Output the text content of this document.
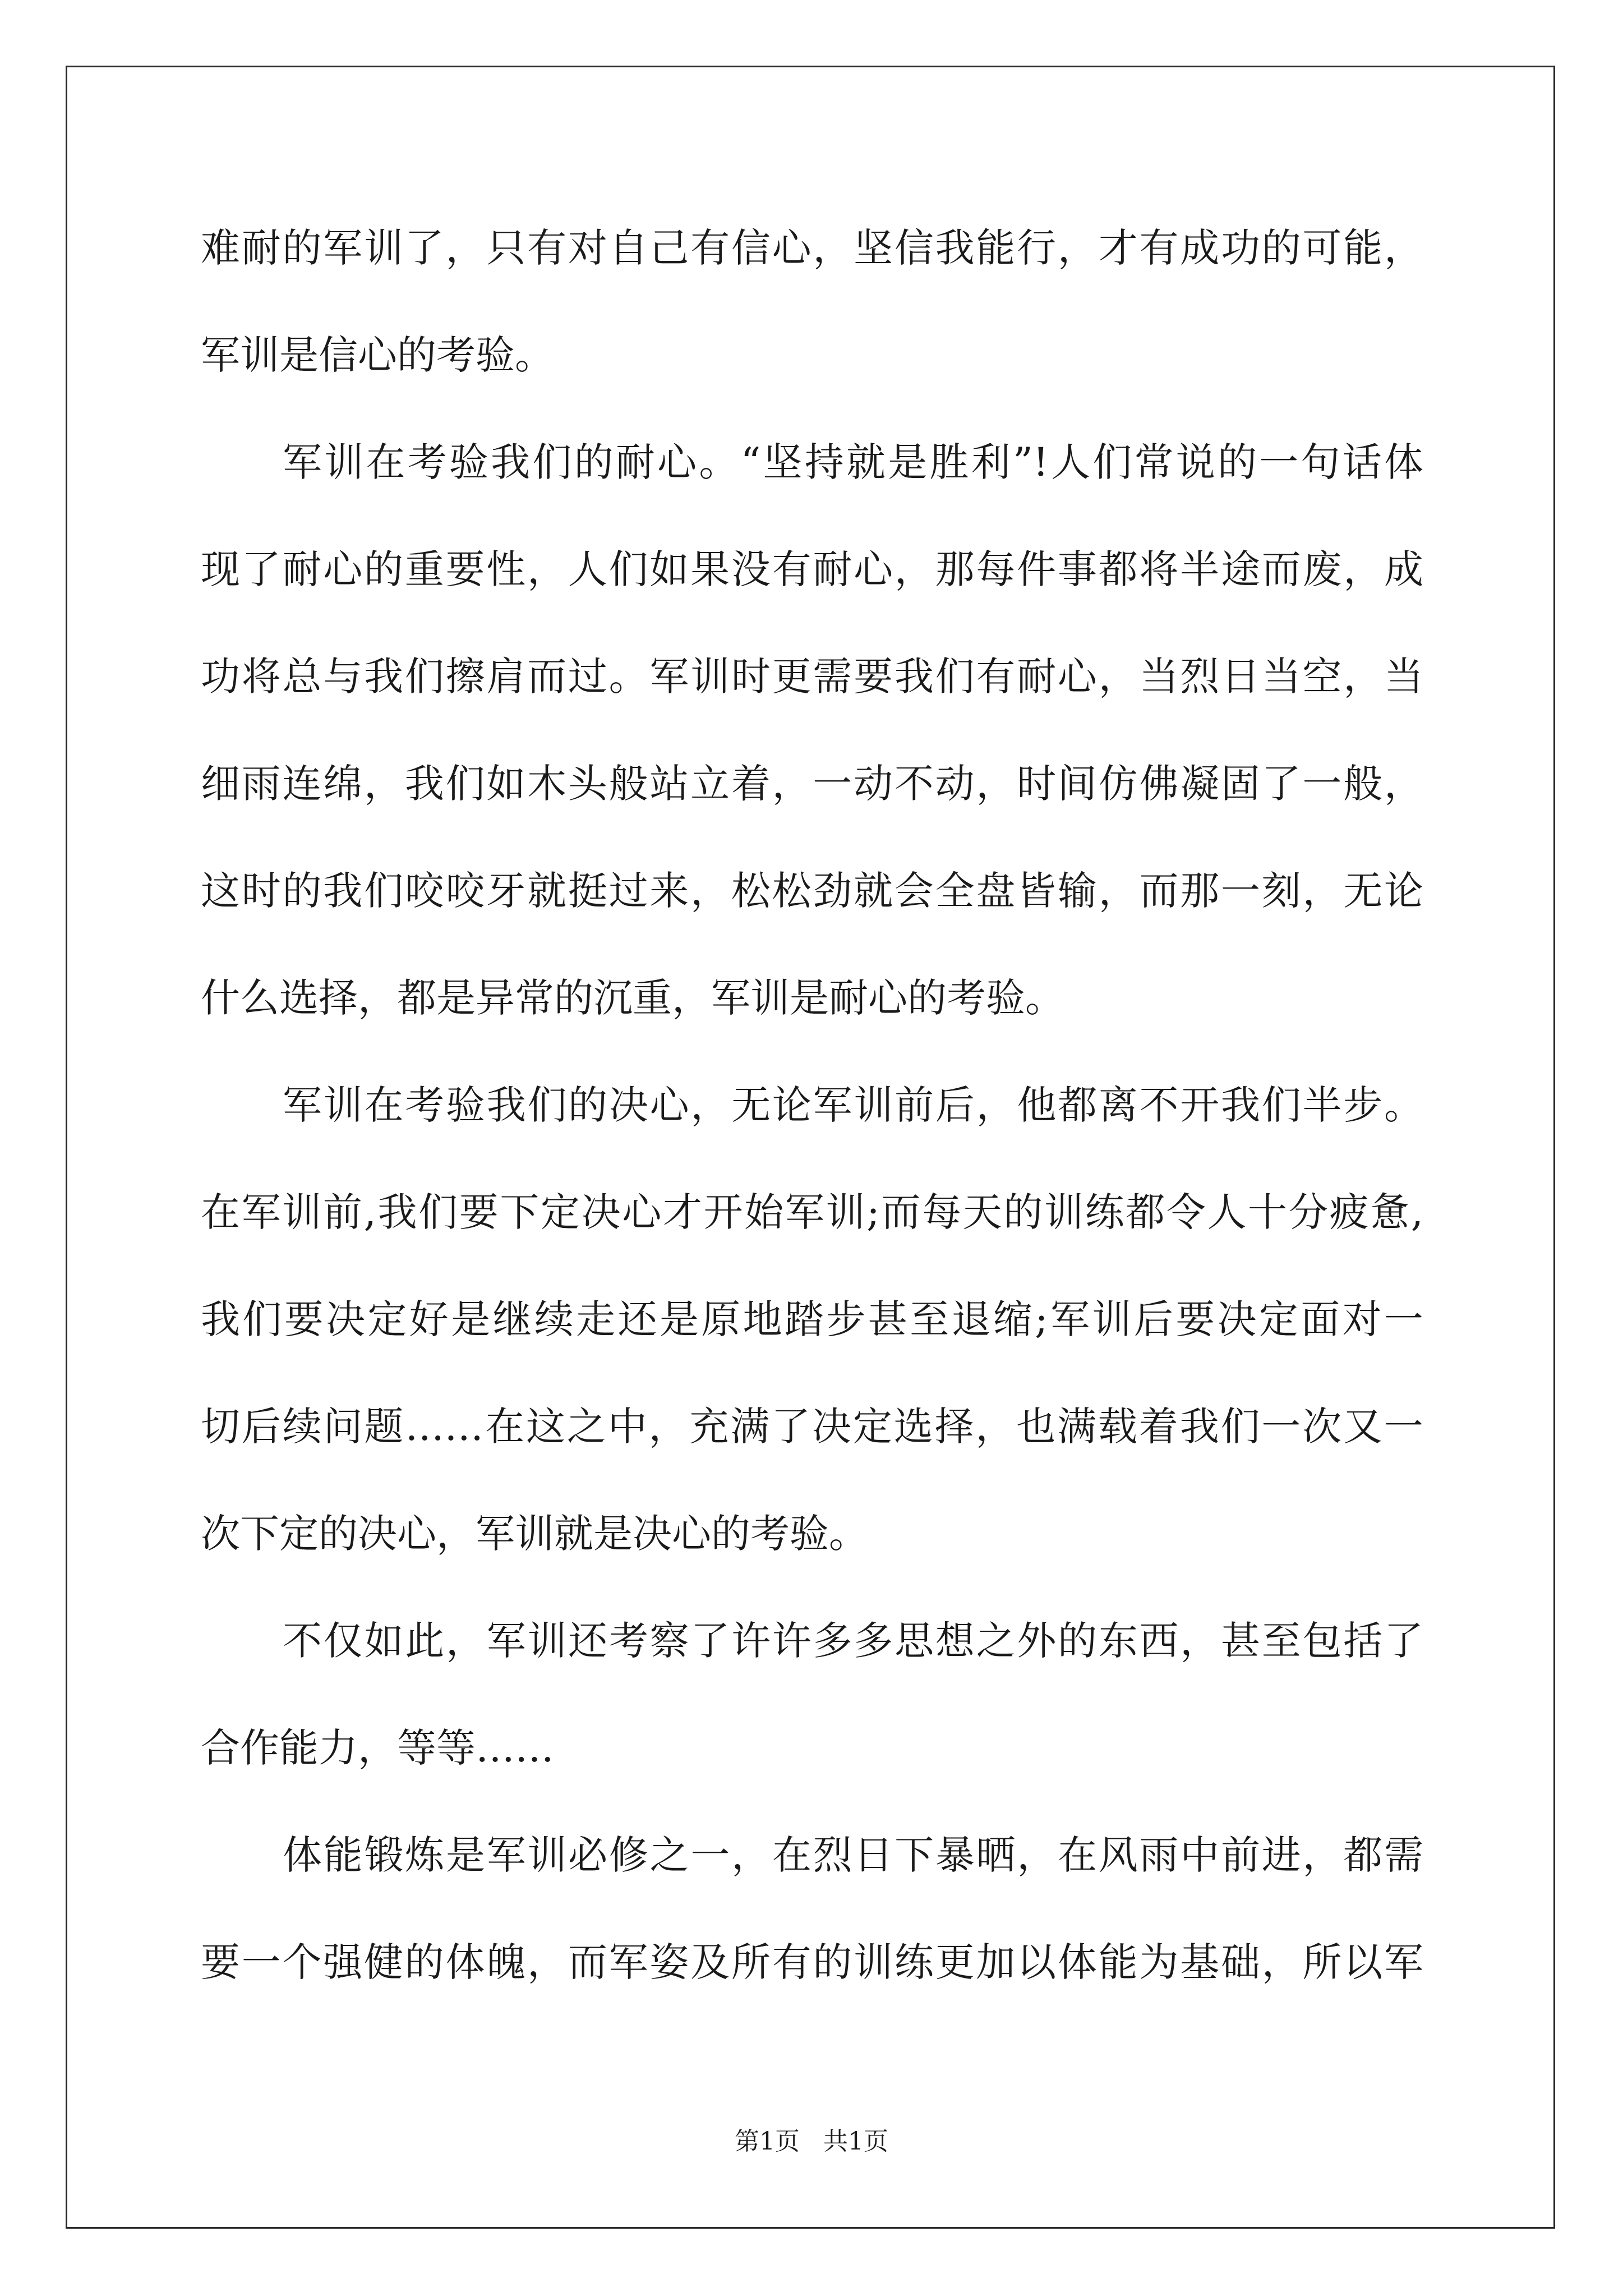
难耐的军训了，只有对自己有信心，坚信我能行，才有成功的可能，
军训是信心的考验。
军训在考验我们的耐心。“坚持就是胜利”!人们常说的一句话体
现了耐心的重要性，人们如果没有耐心，那每件事都将半途而废，成
功将总与我们擦肩而过。军训时更需要我们有耐心，当烈日当空，当
细雨连绵，我们如木头般站立着，一动不动，时间仿佛凝固了一般，
这时的我们咬咬牙就挺过来，松松劲就会全盘皆输，而那一刻，无论
什么选择，都是异常的沉重，军训是耐心的考验。
军训在考验我们的决心，无论军训前后，他都离不开我们半步。
在军训前,我们要下定决心才开始军训;而每天的训练都令人十分疲惫,
我们要决定好是继续走还是原地踏步甚至退缩;军训后要决定面对一
切后续问题……在这之中，充满了决定选择，也满载着我们一次又一
次下定的决心，军训就是决心的考验。
不仅如此，军训还考察了许许多多思想之外的东西，甚至包括了
合作能力，等等……
体能锻炼是军训必修之一，在烈日下暴晒，在风雨中前进，都需
要一个强健的体魄，而军姿及所有的训练更加以体能为基础，所以军
第1页 共1页
